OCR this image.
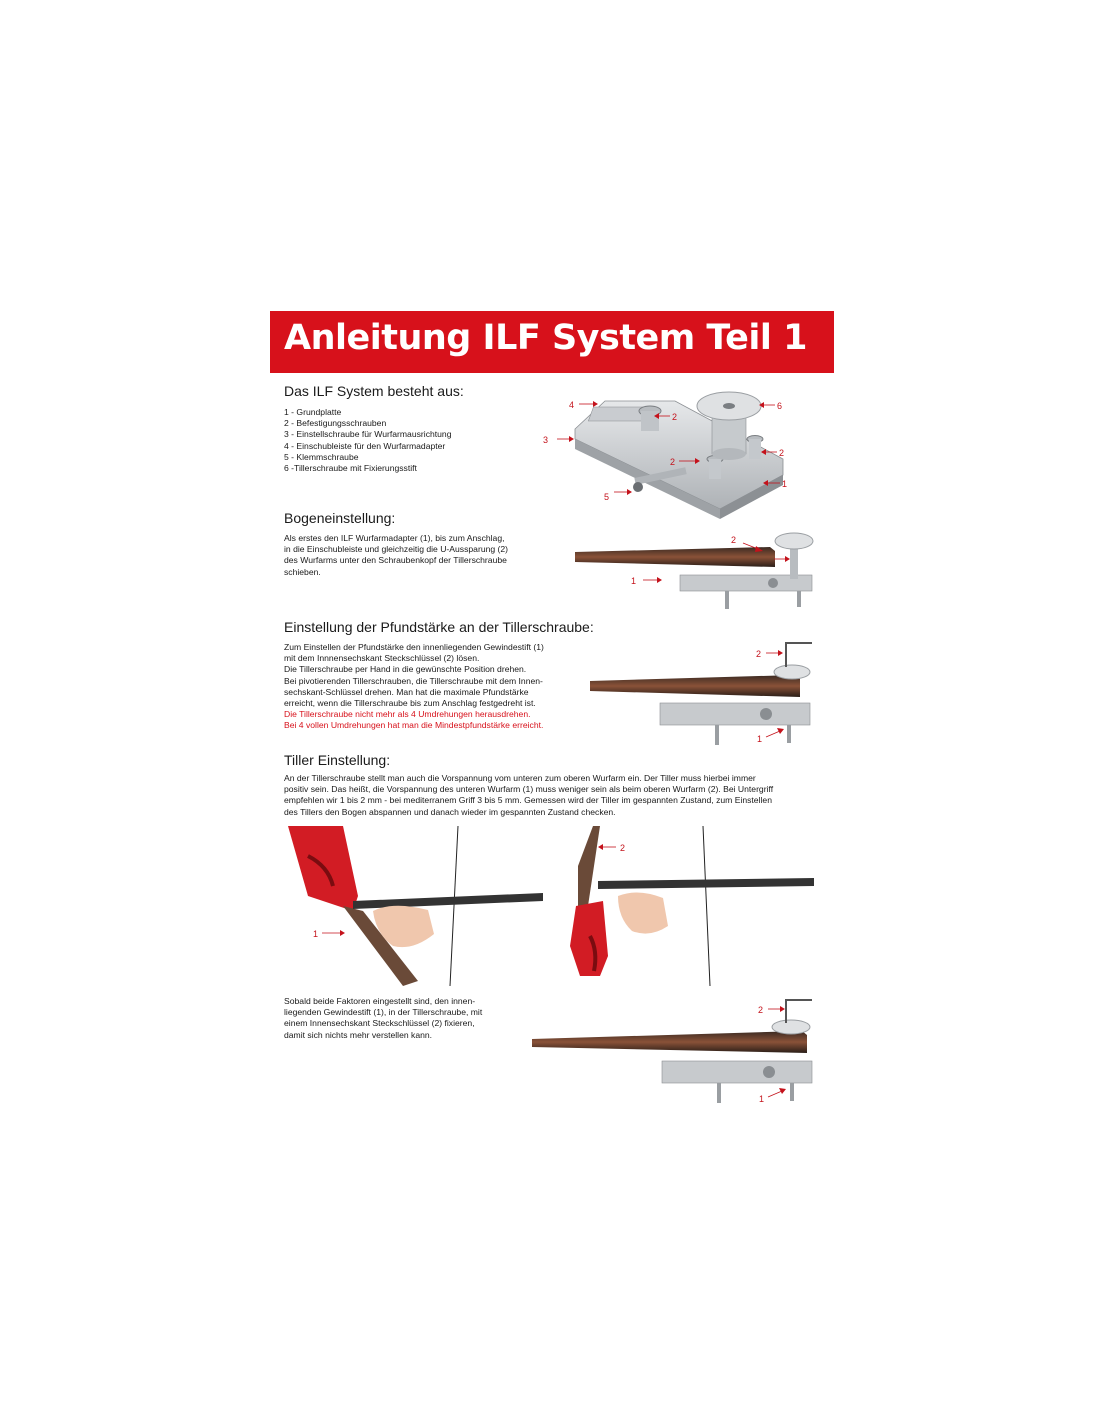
Anleitung ILF System Teil 1
Das ILF System besteht aus:
1 - Grundplatte
2 - Befestigungsschrauben
3 - Einstellschraube für Wurfarmausrichtung
4 - Einschubleiste für den Wurfarmadapter
5 - Klemmschraube
6 -Tillerschraube mit Fixierungsstift
4
2
6
3
2
2
1
5
Bogeneinstellung:
Als erstes den ILF Wurfarmadapter (1), bis zum Anschlag,
in die Einschubleiste und gleichzeitig die U-Aussparung (2)
des Wurfarms unter den Schraubenkopf der Tillerschraube
schieben.
2
1
Einstellung der Pfundstärke an der Tillerschraube:
Zum Einstellen der Pfundstärke den innenliegenden Gewindestift (1)
mit dem Innnensechskant Steckschlüssel (2) lösen.
Die Tillerschraube per Hand in die gewünschte Position drehen.
Bei pivotierenden Tillerschrauben, die Tillerschraube mit dem Innen-
sechskant-Schlüssel drehen. Man hat die maximale Pfundstärke
erreicht, wenn die Tillerschraube bis zum Anschlag festgedreht ist.
Die Tillerschraube nicht mehr als 4 Umdrehungen herausdrehen.
Bei 4 vollen Umdrehungen hat man die Mindestpfundstärke erreicht.
2
1
Tiller Einstellung:
An der Tillerschraube stellt man auch die Vorspannung vom unteren zum oberen Wurfarm ein. Der Tiller muss hierbei immer
positiv sein. Das heißt, die Vorspannung des unteren Wurfarm (1) muss weniger sein als beim oberen Wurfarm (2). Bei Untergriff
empfehlen wir 1 bis 2 mm - bei mediterranem Griff 3 bis 5 mm. Gemessen wird der Tiller im gespannten Zustand, zum Einstellen
des Tillers den Bogen abspannen und danach wieder im gespannten Zustand checken.
1
2
Sobald beide Faktoren eingestellt sind, den innen-
liegenden Gewindestift (1), in der Tillerschraube, mit
einem Innensechskant Steckschlüssel (2) fixieren,
damit sich nichts mehr verstellen kann.
2
1
